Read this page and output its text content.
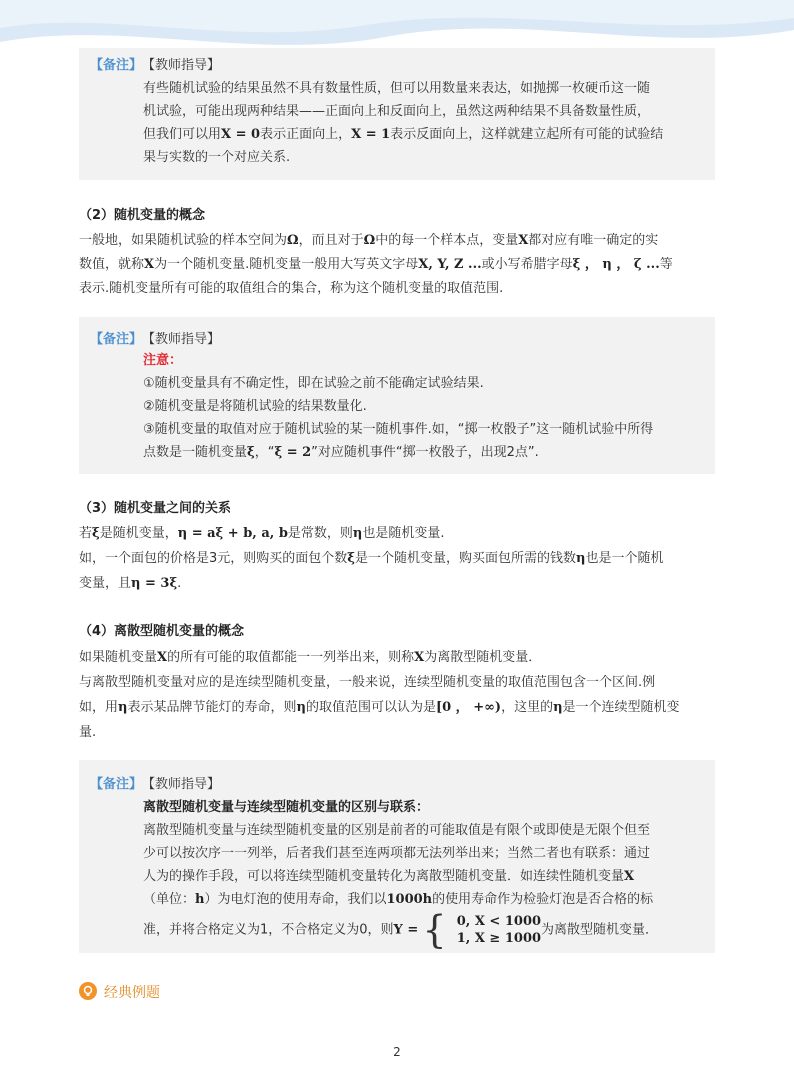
【备注】 【教师指导】
有些随机试验的结果虽然不具有数量性质，但可以用数量来表达，如抛掷一枚硬币这一随
机试验，可能出现两种结果——正面向上和反面向上，虽然这两种结果不具备数量性质，
但我们可以用X = 0表示正面向上，X = 1表示反面向上，这样就建立起所有可能的试验结
果与实数的一个对应关系.
（2）随机变量的概念
一般地，如果随机试验的样本空间为Ω，而且对于Ω中的每一个样本点，变量X都对应有唯一确定的实
数值，就称X为一个随机变量.随机变量一般用大写英文字母X, Y, Z ...或小写希腊字母ξ ， η ， ζ ...等
表示.随机变量所有可能的取值组合的集合，称为这个随机变量的取值范围.
【备注】 【教师指导】
注意：
①随机变量具有不确定性，即在试验之前不能确定试验结果.
②随机变量是将随机试验的结果数量化.
③随机变量的取值对应于随机试验的某一随机事件.如，“掷一枚骰子”这一随机试验中所得
点数是一随机变量ξ，“ξ = 2”对应随机事件“掷一枚骰子，出现2点”.
（3）随机变量之间的关系
若ξ是随机变量，η = aξ + b, a, b是常数，则η也是随机变量.
如，一个面包的价格是3元，则购买的面包个数ξ是一个随机变量，购买面包所需的钱数η也是一个随机
变量，且η = 3ξ.
（4）离散型随机变量的概念
如果随机变量X的所有可能的取值都能一一列举出来，则称X为离散型随机变量．
与离散型随机变量对应的是连续型随机变量，一般来说，连续型随机变量的取值范围包含一个区间.例
如，用η表示某品牌节能灯的寿命，则η的取值范围可以认为是[0 ， +∞)，这里的η是一个连续型随机变
量.
【备注】 【教师指导】
离散型随机变量与连续型随机变量的区别与联系：
离散型随机变量与连续型随机变量的区别是前者的可能取值是有限个或即使是无限个但至
少可以按次序一一列举，后者我们甚至连两项都无法列举出来；当然二者也有联系：通过
人为的操作手段，可以将连续型随机变量转化为离散型随机变量．如连续性随机变量X
（单位：h）为电灯泡的使用寿命，我们以1000h的使用寿命作为检验灯泡是否合格的标
准，并将合格定义为1，不合格定义为0，则Y = { 0, X < 1000
1, X ≥ 1000
为离散型随机变量．
经典例题
2
